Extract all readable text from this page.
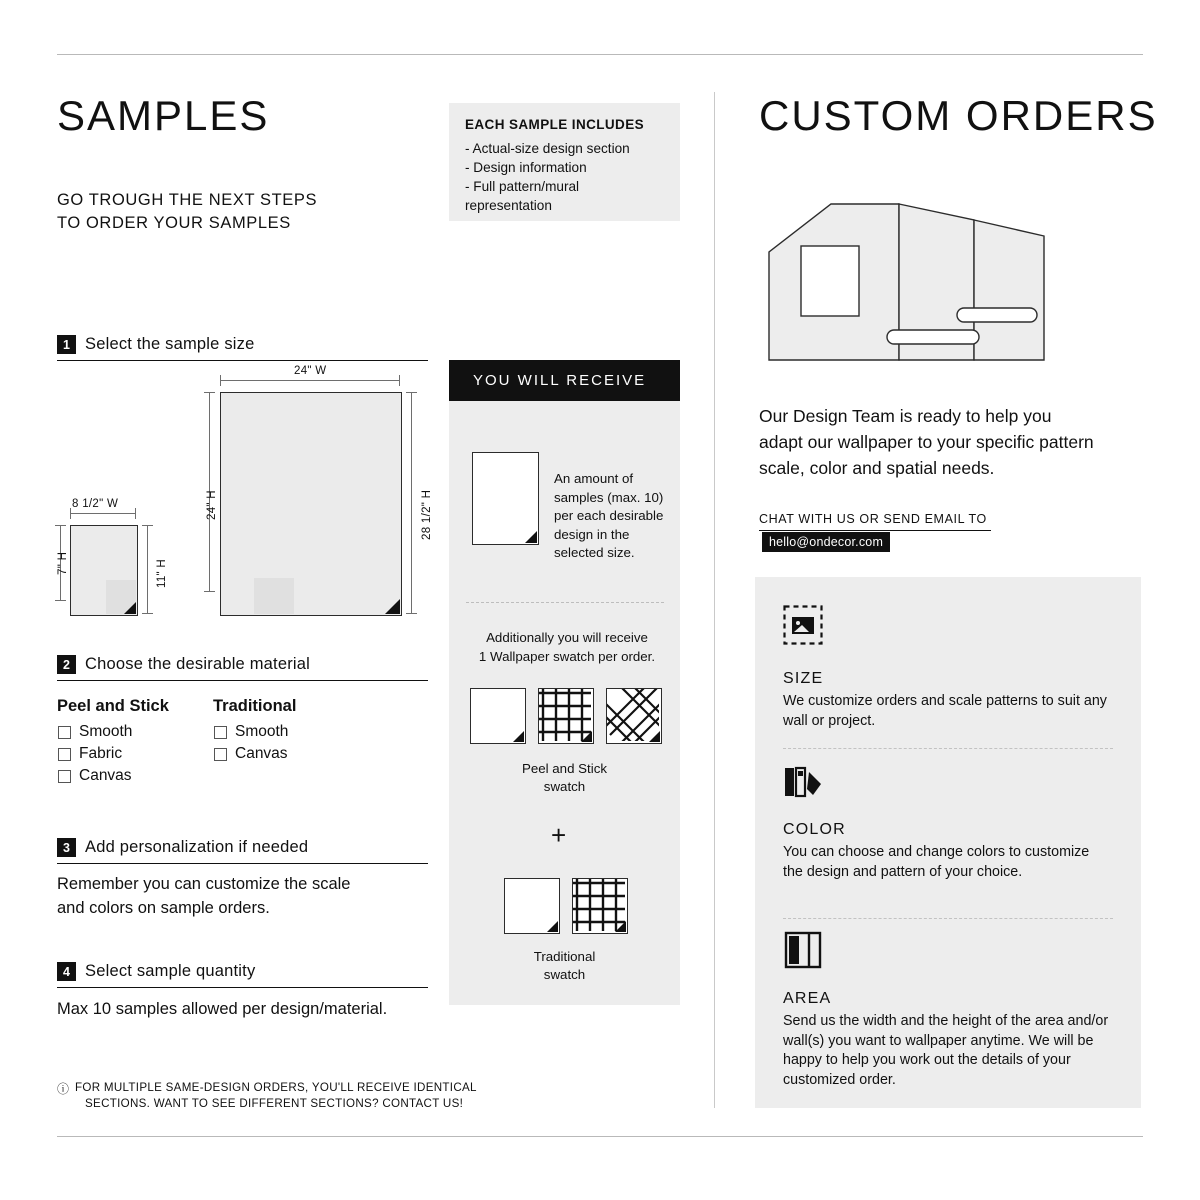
SAMPLES
GO TROUGH THE NEXT STEPS
TO ORDER YOUR SAMPLES
EACH SAMPLE INCLUDES
- Actual-size design section
- Design information
- Full pattern/mural
representation
1 Select the sample size
24" W
24" H	28 1/2" H
8 1/2" W
7" H	11" H
2 Choose the desirable material
Peel and Stick
Smooth
Fabric
Canvas
Traditional
Smooth
Canvas
3 Add personalization if needed
Remember you can customize the scale
and colors on sample orders.
4 Select sample quantity
Max 10 samples allowed per design/material.
ⓘ FOR MULTIPLE SAME-DESIGN ORDERS, YOU'LL RECEIVE IDENTICAL
SECTIONS. WANT TO SEE DIFFERENT SECTIONS? CONTACT US!
YOU WILL RECEIVE
An amount of samples (max. 10) per each desirable design in the selected size.
Additionally you will receive
1 Wallpaper swatch per order.
Peel and Stick
swatch
+
Traditional
swatch
CUSTOM ORDERS
Our Design Team is ready to help you adapt our wallpaper to your specific pattern scale, color and spatial needs.
CHAT WITH US OR SEND EMAIL TO
hello@ondecor.com
SIZE
We customize orders and scale patterns to suit any wall or project.
COLOR
You can choose and change colors to customize the design and pattern of your choice.
AREA
Send us the width and the height of the area and/or wall(s) you want to wallpaper anytime. We will be happy to help you work out the details of your customized order.
